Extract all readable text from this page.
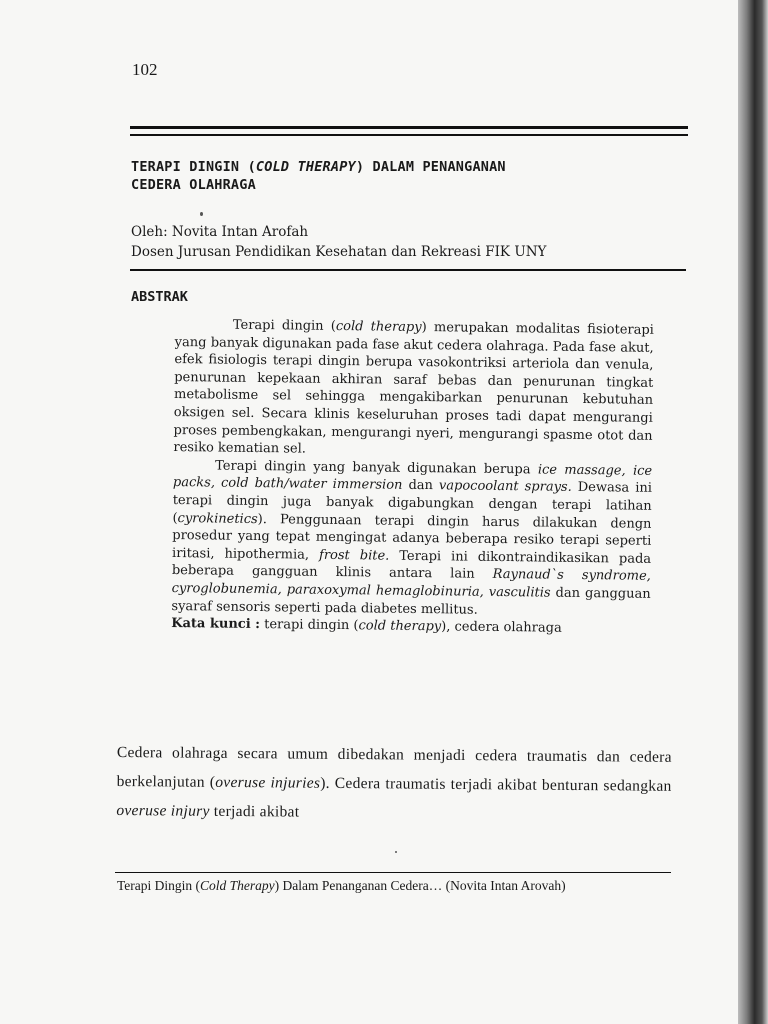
102
TERAPI DINGIN (COLD THERAPY) DALAM PENANGANAN
CEDERA OLAHRAGA
Oleh: Novita Intan Arofah
Dosen Jurusan Pendidikan Kesehatan dan Rekreasi FIK UNY
ABSTRAK

Terapi dingin (cold therapy) merupakan modalitas fisioterapi yang banyak digunakan pada fase akut cedera olahraga. Pada fase akut, efek fisiologis terapi dingin berupa vasokontriksi arteriola dan venula, penurunan kepekaan akhiran saraf bebas dan penurunan tingkat metabolisme sel sehingga mengakibarkan penurunan kebutuhan oksigen sel. Secara klinis keseluruhan proses tadi dapat mengurangi proses pembengkakan, mengurangi nyeri, mengurangi spasme otot dan resiko kematian sel.

Terapi dingin yang banyak digunakan berupa ice massage, ice packs, cold bath/water immersion dan vapocoolant sprays. Dewasa ini terapi dingin juga banyak digabungkan dengan terapi latihan (cyrokinetics). Penggunaan terapi dingin harus dilakukan dengn prosedur yang tepat mengingat adanya beberapa resiko terapi seperti iritasi, hipothermia, frost bite. Terapi ini dikontraindikasikan pada beberapa gangguan klinis antara lain Raynaud`s syndrome, cyroglobunemia, paraxoxymal hemaglobinuria, vasculitis dan gangguan syaraf sensoris seperti pada diabetes mellitus.

Kata kunci : terapi dingin (cold therapy), cedera olahraga

Cedera olahraga secara umum dibedakan menjadi cedera traumatis dan cedera berkelanjutan (overuse injuries). Cedera traumatis terjadi akibat benturan sedangkan overuse injury terjadi akibat
Terapi Dingin (Cold Therapy) Dalam Penanganan Cedera… (Novita Intan Arovah)
